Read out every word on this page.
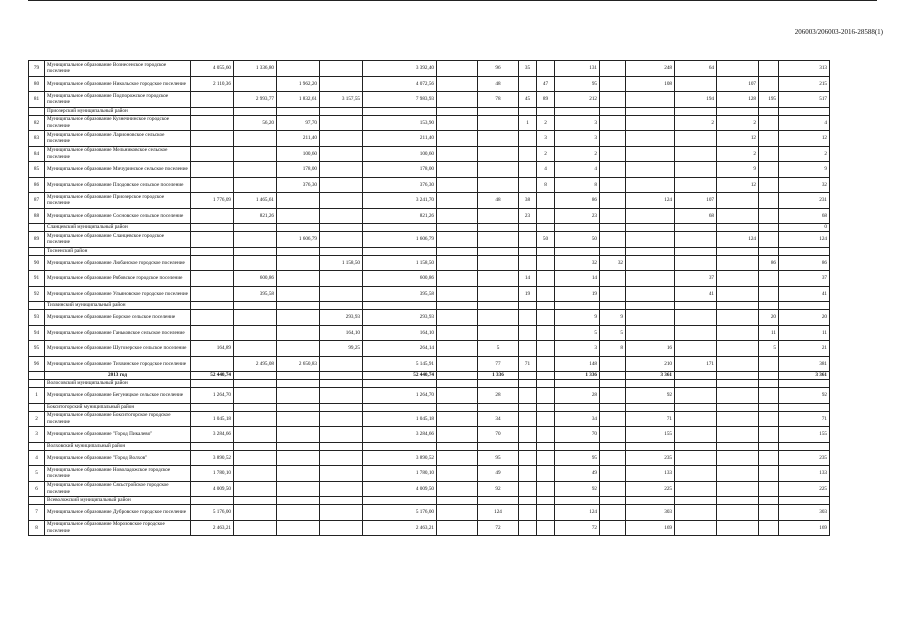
206003/206003-2016-28588(1)
79	Муниципальное образование Вознесенское городское поселение	4 055,60	1 336,80			3 392,40		96	35		131		248	64			313
80	Муниципальное образование Никольское городское поселение	2 110,36		1 962,20		4 072,56		48		47	95		108		107		215
81	Муниципальное образование Подпорожское городское поселение		2 993,77	1 832,61	3 157,55	7 983,93		78	45	89	212			194	128	195	517
	Приозерский муниципальный район																
82	Муниципальное образование Кузнечнинское городское поселение		56,20	97,70		153,90			1	2	3			2	2		4
83	Муниципальное образование Ларионовское сельское поселение			211,40		211,40				3	3				12		12
84	Муниципальное образование Мельниковское сельское поселение			100,60		100,60				2	2				2		2
85	Муниципальное образование Мичуринское сельское поселение			178,00		178,00				4	4				9		9
86	Муниципальное образование Плодовское сельское поселение			376,30		376,30				8	8				12		32
87	Муниципальное образование Приозерское городское поселение	1 776,09	1 465,61			3 241,70		48	38		86		124	107			231
88	Муниципальное образование Сосновское сельское поселение		821,26			821,26			23		23			68			68
	Сланцевский муниципальный район																0
89	Муниципальное образование Сланцевское городское поселение			1 606,79		1 606,79				50	50				124		124
	Тосненский район																
90	Муниципальное образование Любанское городское поселение				1 158,50	1 158,50					32	32				86	86
91	Муниципальное образование Рябовское городское поселение		600,86			600,86			14		14			37			37
92	Муниципальное образование Ульяновское городское поселение		395,58			395,58			19		19			41			41
	Тихвинский муниципальный район																
93	Муниципальное образование Борское сельское поселение				293,93	293,93					9	9				20	20
94	Муниципальное образование Ганьковское сельское поселение				164,10	164,10					5	5				11	11
95	Муниципальное образование Шугозерское сельское поселение	164,89			99,25	264,14		5			3	8	16			5	21
96	Муниципальное образование Тихвинское городское поселение		2 495,08	2 650,83		5 145,91		77	71		148		210	171			381
	2013 год	52 440,74				52 440,74		1 336			1 336		3 361				3 361
	Волосовский муниципальный район																
1	Муниципальное образование Бегуницкое сельское поселение	1 264,70				1 264,70		28			28		92				92
	Бокситогорский муниципальный район																
2	Муниципальное образование Бокситогорское городское поселение	1 045,18				1 045,18		34			34		71				71
3	Муниципальное образование "Город Пикалево"	3 284,66				3 284,66		70			70		155				155
	Волховский муниципальный район																
4	Муниципальное образование "Город Волхов"	3 890,52				3 890,52		95			95		235				235
5	Муниципальное образование Новоладожское городское поселение	1 780,10				1 780,10		49			49		133				133
6	Муниципальное образование Сясьстройское городское поселение	4 009,50				4 009,50		92			92		225				225
	Всеволожский муниципальный район																
7	Муниципальное образование Дубровское городское поселение	5 176,00				5 176,00		124			124		303				303
8	Муниципальное образование Морозовское городское поселение	2 463,21				2 463,21		72			72		169				169
